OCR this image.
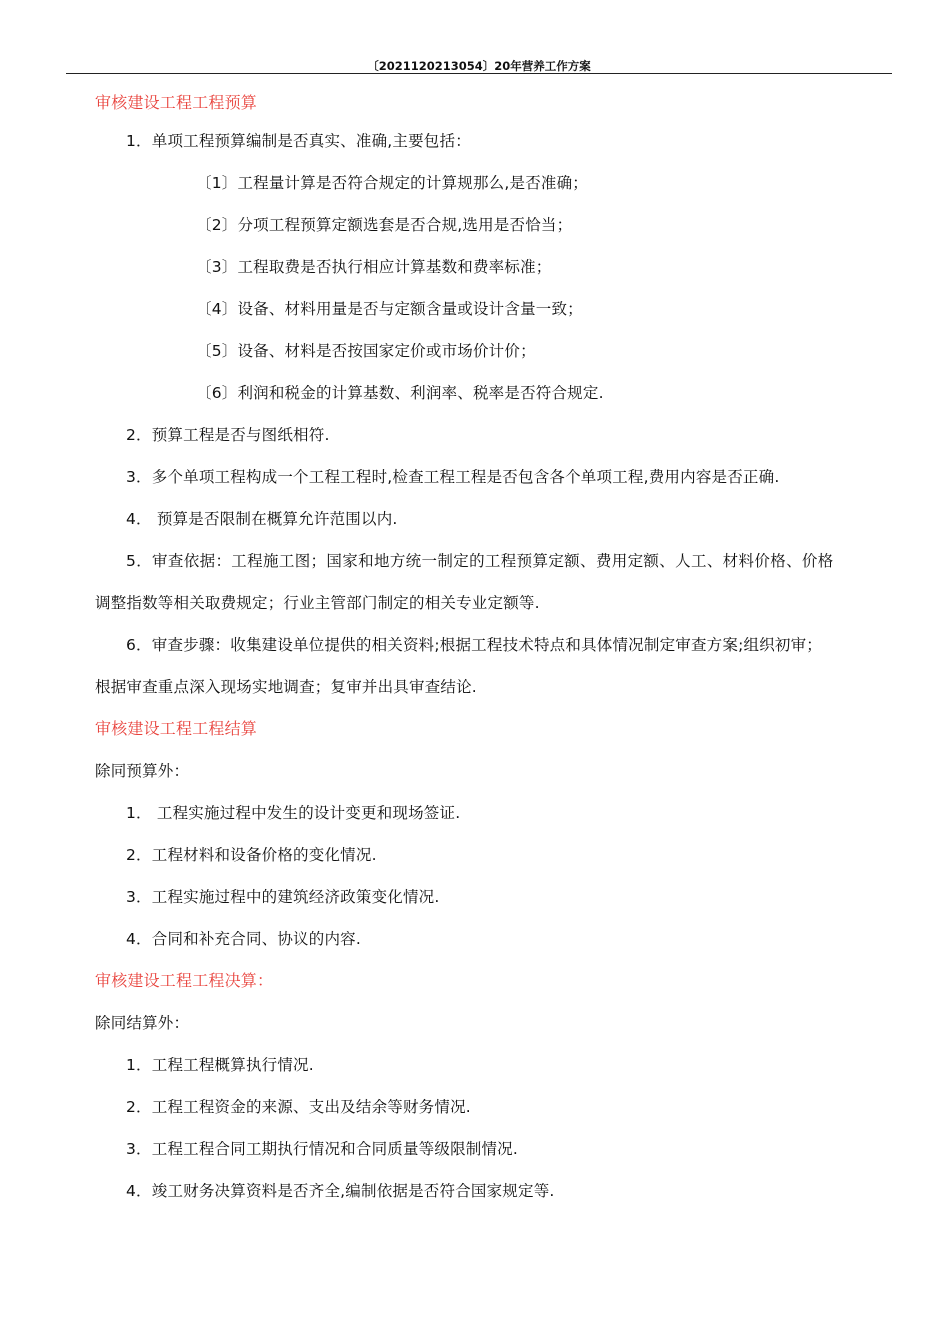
〔2021120213054〕20年营养工作方案
审核建设工程工程预算
1．单项工程预算编制是否真实、准确,主要包括：
〔1〕工程量计算是否符合规定的计算规那么,是否准确；
〔2〕分项工程预算定额选套是否合规,选用是否恰当；
〔3〕工程取费是否执行相应计算基数和费率标准；
〔4〕设备、材料用量是否与定额含量或设计含量一致；
〔5〕设备、材料是否按国家定价或市场价计价；
〔6〕利润和税金的计算基数、利润率、税率是否符合规定.
2．预算工程是否与图纸相符.
3．多个单项工程构成一个工程工程时,检查工程工程是否包含各个单项工程,费用内容是否正确.
4． 预算是否限制在概算允许范围以内.
5．审查依据：工程施工图；国家和地方统一制定的工程预算定额、费用定额、人工、材料价格、价格
调整指数等相关取费规定；行业主管部门制定的相关专业定额等.
6．审查步骤：收集建设单位提供的相关资料;根据工程技术特点和具体情况制定审查方案;组织初审；
根据审查重点深入现场实地调查；复审并出具审查结论.
审核建设工程工程结算
除同预算外：
1． 工程实施过程中发生的设计变更和现场签证.
2．工程材料和设备价格的变化情况.
3．工程实施过程中的建筑经济政策变化情况.
4．合同和补充合同、协议的内容.
审核建设工程工程决算：
除同结算外：
1．工程工程概算执行情况.
2．工程工程资金的来源、支出及结余等财务情况.
3．工程工程合同工期执行情况和合同质量等级限制情况.
4．竣工财务决算资料是否齐全,编制依据是否符合国家规定等.
